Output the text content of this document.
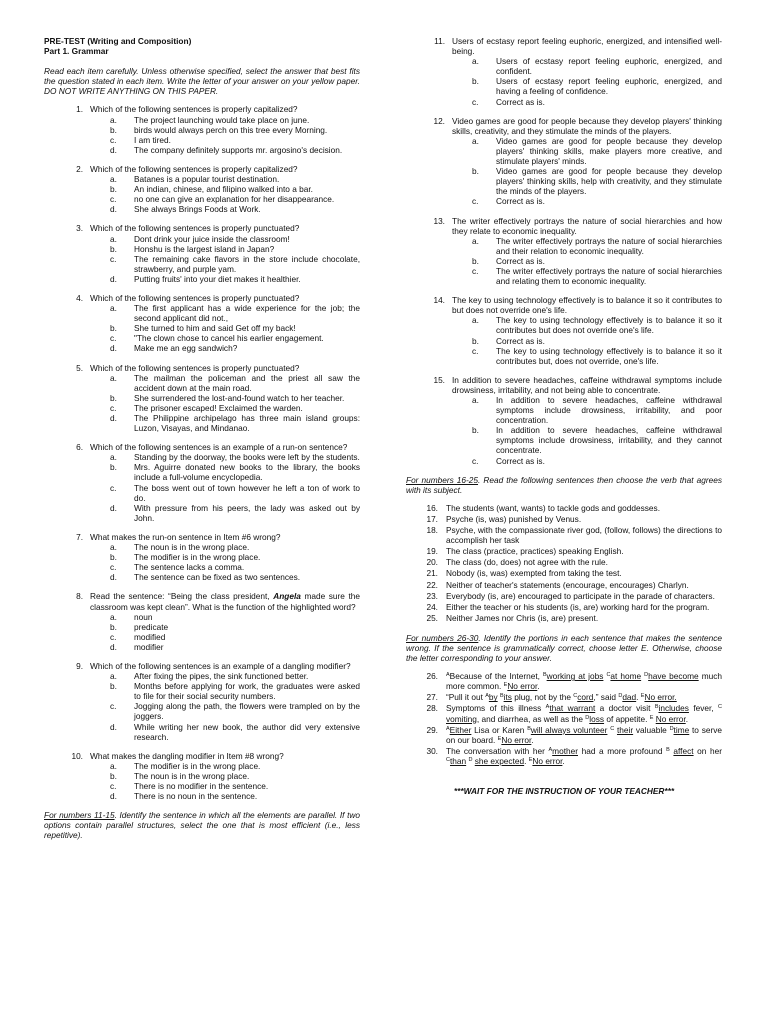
PRE-TEST (Writing and Composition)
Part 1. Grammar
Read each item carefully. Unless otherwise specified, select the answer that best fits the question stated in each item. Write the letter of your answer on your yellow paper. DO NOT WRITE ANYTHING ON THIS PAPER.
1. Which of the following sentences is properly capitalized?
a.	The project launching would take place on june.
b.	birds would always perch on this tree every Morning.
c.	I am tired.
d.	The company definitely supports mr. argosino's decision.
2. Which of the following sentences is properly capitalized?
a.	Batanes is a popular tourist destination.
b.	An indian, chinese, and filipino walked into a bar.
c.	no one can give an explanation for her disappearance.
d.	She always Brings Foods at Work.
3. Which of the following sentences is properly punctuated?
a.	Dont drink your juice inside the classroom!
b.	Honshu is the largest island in Japan?
c.	The remaining cake flavors in the store include chocolate, strawberry, and purple yam.
d.	Putting fruits' into your diet makes it healthier.
4. Which of the following sentences is properly punctuated?
a.	The first applicant has a wide experience for the job; the second applicant did not.,
b.	She turned to him and said Get off my back!
c.	"The clown chose to cancel his earlier engagement.
d.	Make me an egg sandwich?
5. Which of the following sentences is properly punctuated?
a.	The mailman the policeman and the priest all saw the accident down at the main road.
b.	She surrendered the lost-and-found watch to her teacher.
c.	The prisoner escaped! Exclaimed the warden.
d.	The Philippine archipelago has three main island groups: Luzon, Visayas, and Mindanao.
6. Which of the following sentences is an example of a run-on sentence?
a.	Standing by the doorway, the books were left by the students.
b.	Mrs. Aguirre donated new books to the library, the books include a full-volume encyclopedia.
c.	The boss went out of town however he left a ton of work to do.
d.	With pressure from his peers, the lady was asked out by John.
7. What makes the run-on sentence in Item #6 wrong?
a.	The noun is in the wrong place.
b.	The modifier is in the wrong place.
c.	The sentence lacks a comma.
d.	The sentence can be fixed as two sentences.
8. Read the sentence: “Being the class president, Angela made sure the classroom was kept clean”. What is the function of the highlighted word?
a.	noun
b.	predicate
c.	modified
d.	modifier
9. Which of the following sentences is an example of a dangling modifier?
a.	After fixing the pipes, the sink functioned better.
b.	Months before applying for work, the graduates were asked to file for their social security numbers.
c.	Jogging along the path, the flowers were trampled on by the joggers.
d.	While writing her new book, the author did very extensive research.
10. What makes the dangling modifier in Item #8 wrong?
a.	The modifier is in the wrong place.
b.	The noun is in the wrong place.
c.	There is no modifier in the sentence.
d.	There is no noun in the sentence.
For numbers 11-15. Identify the sentence in which all the elements are parallel. If two options contain parallel structures, select the one that is most efficient (i.e., less repetitive).
11. Users of ecstasy report feeling euphoric, energized, and intensified well-being.
a.	Users of ecstasy report feeling euphoric, energized, and confident.
b.	Users of ecstasy report feeling euphoric, energized, and having a feeling of confidence.
c.	Correct as is.
12. Video games are good for people because they develop players' thinking skills, creativity, and they stimulate the minds of the players.
a.	Video games are good for people because they develop players' thinking skills, make players more creative, and stimulate players' minds.
b.	Video games are good for people because they develop players' thinking skills, help with creativity, and they stimulate the minds of the players.
c.	Correct as is.
13. The writer effectively portrays the nature of social hierarchies and how they relate to economic inequality.
a.	The writer effectively portrays the nature of social hierarchies and their relation to economic inequality.
b.	Correct as is.
c.	The writer effectively portrays the nature of social hierarchies and relating them to economic inequality.
14. The key to using technology effectively is to balance it so it contributes to but does not override one's life.
a.	The key to using technology effectively is to balance it so it contributes but does not override one's life.
b.	Correct as is.
c.	The key to using technology effectively is to balance it so it contributes but, does not override, one's life.
15. In addition to severe headaches, caffeine withdrawal symptoms include drowsiness, irritability, and not being able to concentrate.
a.	In addition to severe headaches, caffeine withdrawal symptoms include drowsiness, irritability, and poor concentration.
b.	In addition to severe headaches, caffeine withdrawal symptoms include drowsiness, irritability, and they cannot concentrate.
c.	Correct as is.
For numbers 16-25. Read the following sentences then choose the verb that agrees with its subject.
16. The students (want, wants) to tackle gods and goddesses.
17. Psyche (is, was) punished by Venus.
18. Psyche, with the compassionate river god, (follow, follows) the directions to accomplish her task
19. The class (practice, practices) speaking English.
20. The class (do, does) not agree with the rule.
21. Nobody (is, was) exempted from taking the test.
22. Neither of teacher's statements (encourage, encourages) Charlyn.
23. Everybody (is, are) encouraged to participate in the parade of characters.
24. Either the teacher or his students (is, are) working hard for the program.
25. Neither James nor Chris (is, are) present.
For numbers 26-30. Identify the portions in each sentence that makes the sentence wrong. If the sentence is grammatically correct, choose letter E. Otherwise, choose the letter corresponding to your answer.
26.	$^A$Because of the Internet, $^B$working at jobs $^C$at home $^D$have become much more common. $^E$No error.
27. “Pull it out $^A$by $^B$its plug, not by the $^C$cord,” said $^D$dad. $^E$No error.
28. Symptoms of this illness $^A$that warrant a doctor visit $^B$includes fever, $^C$ vomiting, and diarrhea, as well as the $^D$loss of appetite. $^E$ No error.
29.	$^A$Either Lisa or Karen $^B$will always volunteer $^C$ their valuable $^D$time to serve on our board. $^E$No error.
30. The conversation with her $^A$mother had a more profound $^B$ affect on her $^C$than $^D$ she expected. $^E$No error.
***WAIT FOR THE INSTRUCTION OF YOUR TEACHER***
